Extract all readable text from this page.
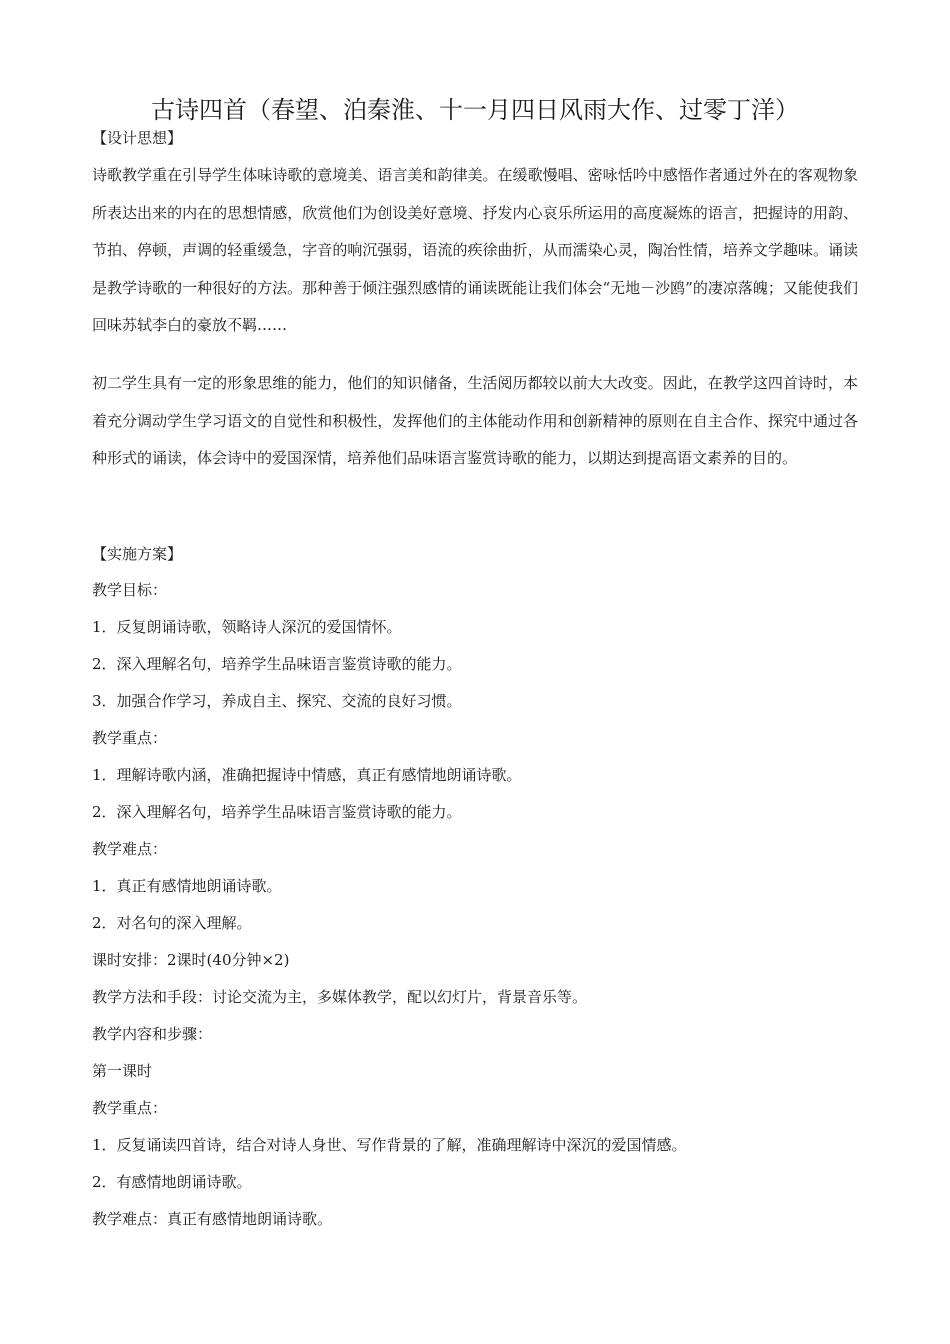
古诗四首（春望、泊秦淮、十一月四日风雨大作、过零丁洋）
【设计思想】
诗歌教学重在引导学生体味诗歌的意境美、语言美和韵律美。在缓歌慢唱、密咏恬吟中感悟作者通过外在的客观物象所表达出来的内在的思想情感，欣赏他们为创设美好意境、抒发内心哀乐所运用的高度凝炼的语言，把握诗的用韵、节拍、停顿，声调的轻重缓急，字音的响沉强弱，语流的疾徐曲折，从而濡染心灵，陶冶性情，培养文学趣味。诵读是教学诗歌的一种很好的方法。那种善于倾注强烈感情的诵读既能让我们体会“无地－沙鸥”的凄凉落魄；又能使我们回味苏轼李白的豪放不羁……
初二学生具有一定的形象思维的能力，他们的知识储备，生活阅历都较以前大大改变。因此，在教学这四首诗时，本着充分调动学生学习语文的自觉性和积极性，发挥他们的主体能动作用和创新精神的原则在自主合作、探究中通过各种形式的诵读，体会诗中的爱国深情，培养他们品味语言鉴赏诗歌的能力，以期达到提高语文素养的目的。
【实施方案】
教学目标：
1．反复朗诵诗歌，领略诗人深沉的爱国情怀。
2．深入理解名句，培养学生品味语言鉴赏诗歌的能力。
3．加强合作学习，养成自主、探究、交流的良好习惯。
教学重点：
1．理解诗歌内涵，准确把握诗中情感，真正有感情地朗诵诗歌。
2．深入理解名句，培养学生品味语言鉴赏诗歌的能力。
教学难点：
1．真正有感情地朗诵诗歌。
2．对名句的深入理解。
课时安排：2课时(40分钟×2)
教学方法和手段：讨论交流为主，多媒体教学，配以幻灯片，背景音乐等。
教学内容和步骤：
第一课时
教学重点：
1．反复诵读四首诗，结合对诗人身世、写作背景的了解，准确理解诗中深沉的爱国情感。
2．有感情地朗诵诗歌。
教学难点：真正有感情地朗诵诗歌。
